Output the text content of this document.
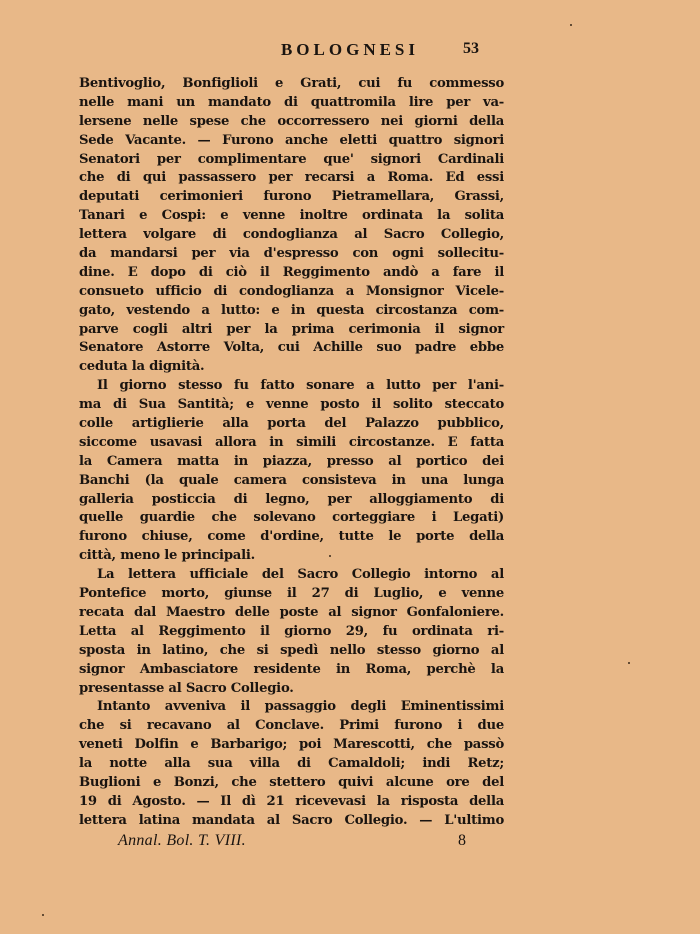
BOLOGNESI	53
Bentivoglio, Bonfiglioli e Grati, cui fu commesso
nelle mani un mandato di quattromila lire per va-
lersene nelle spese che occorressero nei giorni della
Sede Vacante. — Furono anche eletti quattro signori
Senatori per complimentare que' signori Cardinali
che di qui passassero per recarsi a Roma. Ed essi
deputati cerimonieri furono Pietramellara, Grassi,
Tanari e Cospi: e venne inoltre ordinata la solita
lettera volgare di condoglianza al Sacro Collegio,
da mandarsi per via d'espresso con ogni sollecitu-
dine. E dopo di ciò il Reggimento andò a fare il
consueto ufficio di condoglianza a Monsignor Vicele-
gato, vestendo a lutto: e in questa circostanza com-
parve cogli altri per la prima cerimonia il signor
Senatore Astorre Volta, cui Achille suo padre ebbe
ceduta la dignità.
Il giorno stesso fu fatto sonare a lutto per l'ani-
ma di Sua Santità; e venne posto il solito steccato
colle artiglierie alla porta del Palazzo pubblico,
siccome usavasi allora in simili circostanze. E fatta
la Camera matta in piazza, presso al portico dei
Banchi (la quale camera consisteva in una lunga
galleria posticcia di legno, per alloggiamento di
quelle guardie che solevano corteggiare i Legati)
furono chiuse, come d'ordine, tutte le porte della
città, meno le principali.
La lettera ufficiale del Sacro Collegio intorno al
Pontefice morto, giunse il 27 di Luglio, e venne
recata dal Maestro delle poste al signor Gonfaloniere.
Letta al Reggimento il giorno 29, fu ordinata ri-
sposta in latino, che si spedì nello stesso giorno al
signor Ambasciatore residente in Roma, perchè la
presentasse al Sacro Collegio.
Intanto avveniva il passaggio degli Eminentissimi
che si recavano al Conclave. Primi furono i due
veneti Dolfin e Barbarigo; poi Marescotti, che passò
la notte alla sua villa di Camaldoli; indi Retz;
Buglioni e Bonzi, che stettero quivi alcune ore del
19 di Agosto. — Il dì 21 ricevevasi la risposta della
lettera latina mandata al Sacro Collegio. — L'ultimo
Annal. Bol. T. VIII.	8
